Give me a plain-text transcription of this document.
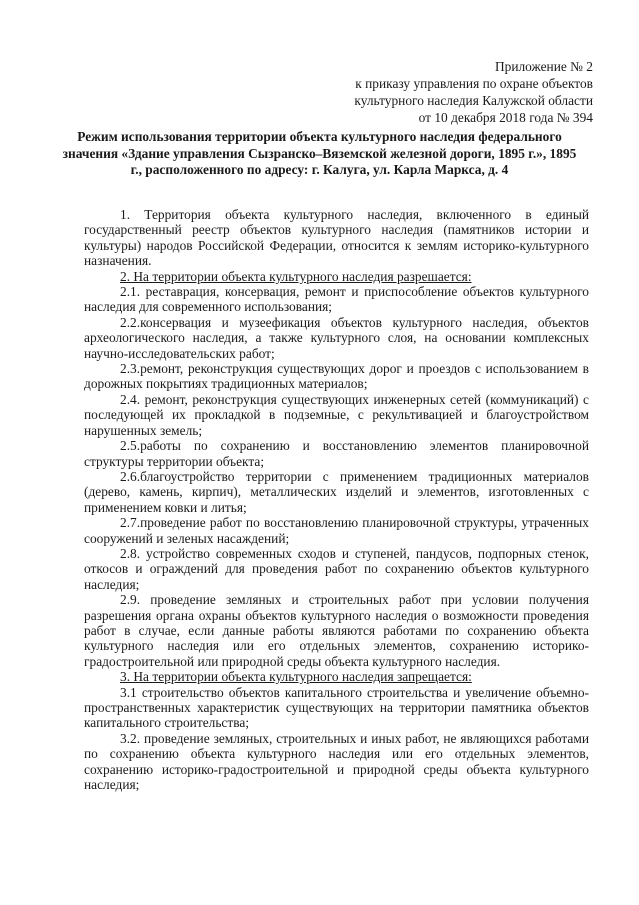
Приложение № 2
к приказу управления по охране объектов
культурного наследия Калужской области
от 10 декабря 2018 года № 394
Режим использования территории объекта культурного наследия федерального значения «Здание управления Сызранско–Вяземской железной дороги, 1895 г.», 1895 г., расположенного по адресу: г. Калуга, ул. Карла Маркса, д. 4

1. Территория объекта культурного наследия, включенного в единый государственный реестр объектов культурного наследия (памятников истории и культуры) народов Российской Федерации, относится к землям историко-культурного назначения.

2. На территории объекта культурного наследия разрешается:

2.1. реставрация, консервация, ремонт и приспособление объектов культурного наследия для современного использования;

2.2.консервация и музеефикация объектов культурного наследия, объектов археологического наследия, а также культурного слоя, на основании комплексных научно-исследовательских работ;

2.3.ремонт, реконструкция существующих дорог и проездов с использованием в дорожных покрытиях традиционных материалов;

2.4. ремонт, реконструкция существующих инженерных сетей (коммуникаций) с последующей их прокладкой в подземные, с рекультивацией и благоустройством нарушенных земель;

2.5.работы по сохранению и восстановлению элементов планировочной структуры территории объекта;

2.6.благоустройство территории с применением традиционных материалов (дерево, камень, кирпич), металлических изделий и элементов, изготовленных с применением ковки и литья;

2.7.проведение работ по восстановлению планировочной структуры, утраченных сооружений и зеленых насаждений;

2.8. устройство современных сходов и ступеней, пандусов, подпорных стенок, откосов и ограждений для проведения работ по сохранению объектов культурного наследия;

2.9. проведение земляных и строительных работ при условии получения разрешения органа охраны объектов культурного наследия о возможности проведения работ в случае, если данные работы являются работами по сохранению объекта культурного наследия или его отдельных элементов, сохранению историко-градостроительной или природной среды объекта культурного наследия.

3. На территории объекта культурного наследия запрещается:

3.1 строительство объектов капитального строительства и увеличение объемно-пространственных характеристик существующих на территории памятника объектов капитального строительства;

3.2. проведение земляных, строительных и иных работ, не являющихся работами по сохранению объекта культурного наследия или его отдельных элементов, сохранению историко-градостроительной и природной среды объекта культурного наследия;
